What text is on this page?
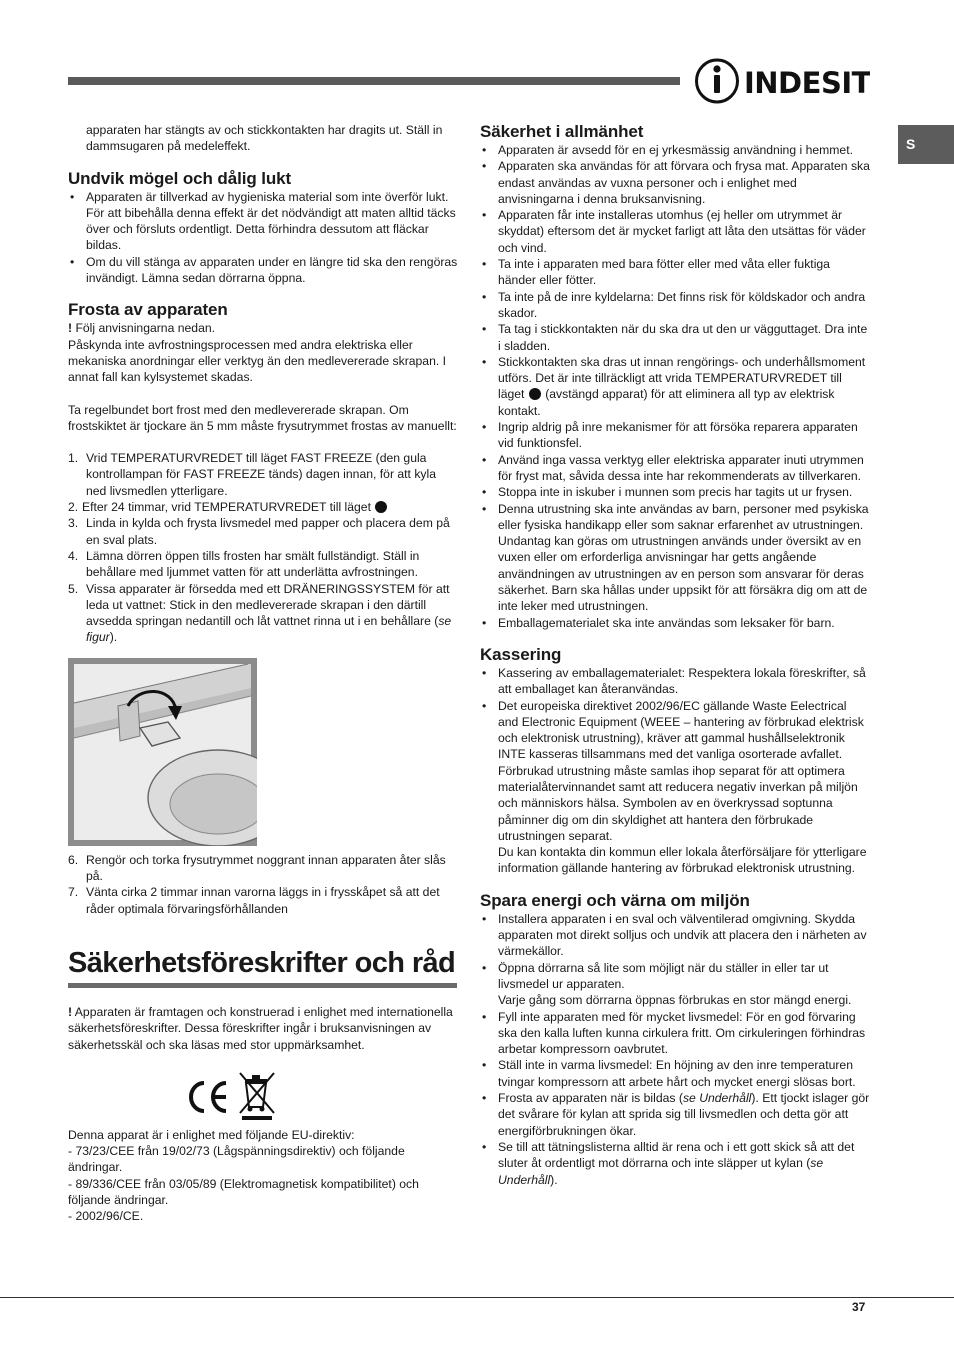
INDESIT
S

apparaten har stängts av och stickkontakten har dragits ut. Ställ in dammsugaren på medeleffekt.

Undvik mögel och dålig lukt
• Apparaten är tillverkad av hygieniska material som inte överför lukt. För att bibehålla denna effekt är det nödvändigt att maten alltid täcks över och försluts ordentligt. Detta förhindra dessutom att fläckar bildas.
• Om du vill stänga av apparaten under en längre tid ska den rengöras invändigt. Lämna sedan dörrarna öppna.
Frosta av apparaten

! Följ anvisningarna nedan.

Påskynda inte avfrostningsprocessen med andra elektriska eller mekaniska anordningar eller verktyg än den medlevererade skrapan. I annat fall kan kylsystemet skadas.

Ta regelbundet bort frost med den medlevererade skrapan. Om frostskiktet är tjockare än 5 mm måste frysutrymmet frostas av manuellt:

1. Vrid TEMPERATURVREDET till läget FAST FREEZE (den gula kontrollampan för FAST FREEZE tänds) dagen innan, för att kyla ned livsmedlen ytterligare.
2. Efter 24 timmar, vrid TEMPERATURVREDET till läget
3. Linda in kylda och frysta livsmedel med papper och placera dem på en sval plats.
4. Lämna dörren öppen tills frosten har smält fullständigt. Ställ in behållare med ljummet vatten för att underlätta avfrostningen.
5. Vissa apparater är försedda med ett DRÄNERINGSSYSTEM för att leda ut vattnet: Stick in den medlevererade skrapan i den därtill avsedda springan nedantill och låt vattnet rinna ut i en behållare (se figur).
6. Rengör och torka frysutrymmet noggrant innan apparaten åter slås på.
7. Vänta cirka 2 timmar innan varorna läggs in i frysskåpet så att det råder optimala förvaringsförhållanden
Säkerhetsföreskrifter och råd

! Apparaten är framtagen och konstruerad i enlighet med internationella säkerhetsföreskrifter. Dessa föreskrifter ingår i bruksanvisningen av säkerhetsskäl och ska läsas med stor uppmärksamhet.

Denna apparat är i enlighet med följande EU-direktiv:

- 73/23/CEE från 19/02/73 (Lågspänningsdirektiv) och följande ändringar.

- 89/336/CEE från 03/05/89 (Elektromagnetisk kompatibilitet) och följande ändringar.

- 2002/96/CE.

Säkerhet i allmänhet
• Apparaten är avsedd för en ej yrkesmässig användning i hemmet.
• Apparaten ska användas för att förvara och frysa mat. Apparaten ska endast användas av vuxna personer och i enlighet med anvisningarna i denna bruksanvisning.
• Apparaten får inte installeras utomhus (ej heller om utrymmet är skyddat) eftersom det är mycket farligt att låta den utsättas för väder och vind.
• Ta inte i apparaten med bara fötter eller med våta eller fuktiga händer eller fötter.
• Ta inte på de inre kyldelarna: Det finns risk för köldskador och andra skador.
• Ta tag i stickkontakten när du ska dra ut den ur vägguttaget. Dra inte i sladden.
• Stickkontakten ska dras ut innan rengörings- och underhållsmoment utförs. Det är inte tillräckligt att vrida TEMPERATURVREDET till läget (avstängd apparat) för att eliminera all typ av elektrisk kontakt.
• Ingrip aldrig på inre mekanismer för att försöka reparera apparaten vid funktionsfel.
• Använd inga vassa verktyg eller elektriska apparater inuti utrymmen för fryst mat, såvida dessa inte har rekommenderats av tillverkaren.
• Stoppa inte in iskuber i munnen som precis har tagits ut ur frysen.
• Denna utrustning ska inte användas av barn, personer med psykiska eller fysiska handikapp eller som saknar erfarenhet av utrustningen. Undantag kan göras om utrustningen används under översikt av en vuxen eller om erforderliga anvisningar har getts angående användningen av utrustningen av en person som ansvarar för deras säkerhet. Barn ska hållas under uppsikt för att försäkra dig om att de inte leker med utrustningen.
• Emballagematerialet ska inte användas som leksaker för barn.
Kassering
• Kassering av emballagematerialet: Respektera lokala föreskrifter, så att emballaget kan återanvändas.
• Det europeiska direktivet 2002/96/EC gällande Waste Eelectrical and Electronic Equipment (WEEE – hantering av förbrukad elektrisk och elektronisk utrustning), kräver att gammal hushållselektronik INTE kasseras tillsammans med det vanliga osorterade avfallet. Förbrukad utrustning måste samlas ihop separat för att optimera materialåtervinnandet samt att reducera negativ inverkan på miljön och människors hälsa. Symbolen av en överkryssad soptunna påminner dig om din skyldighet att hantera den förbrukade utrustningen separat.
Du kan kontakta din kommun eller lokala återförsäljare för ytterligare information gällande hantering av förbrukad elektronisk utrustning.
Spara energi och värna om miljön
• Installera apparaten i en sval och välventilerad omgivning. Skydda apparaten mot direkt solljus och undvik att placera den i närheten av värmekällor.
• Öppna dörrarna så lite som möjligt när du ställer in eller tar ut livsmedel ur apparaten.
Varje gång som dörrarna öppnas förbrukas en stor mängd energi.
• Fyll inte apparaten med för mycket livsmedel: För en god förvaring ska den kalla luften kunna cirkulera fritt. Om cirkuleringen förhindras arbetar kompressorn oavbrutet.
• Ställ inte in varma livsmedel: En höjning av den inre temperaturen tvingar kompressorn att arbete hårt och mycket energi slösas bort.
• Frosta av apparaten när is bildas (se Underhåll). Ett tjockt islager gör det svårare för kylan att sprida sig till livsmedlen och detta gör att energiförbrukningen ökar.
• Se till att tätningslisterna alltid är rena och i ett gott skick så att det sluter åt ordentligt mot dörrarna och inte släpper ut kylan (se Underhåll).
37
